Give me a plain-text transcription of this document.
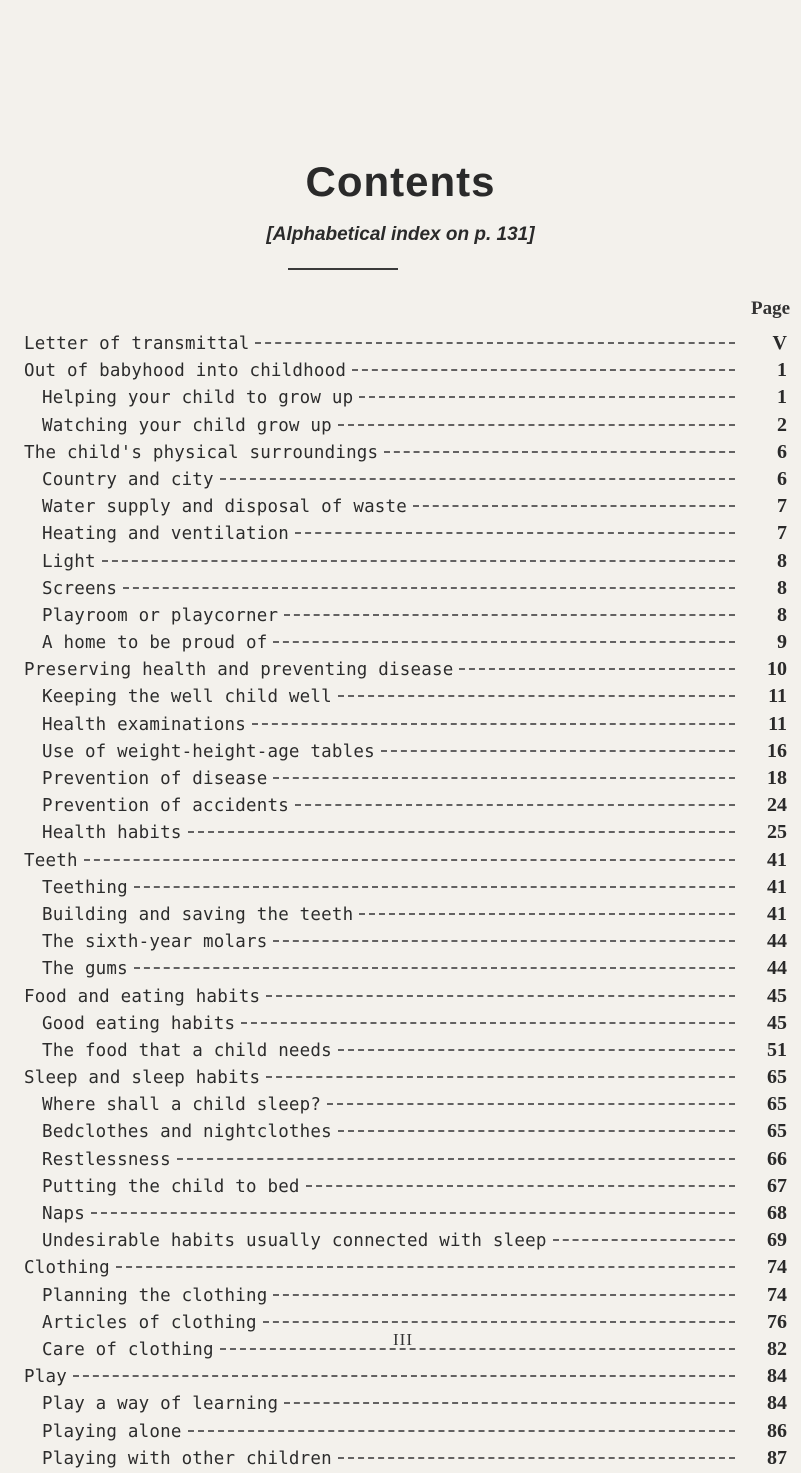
Contents
[Alphabetical index on p. 131]
Page
Letter of transmittal	V
Out of babyhood into childhood	1
Helping your child to grow up	1
Watching your child grow up	2
The child's physical surroundings	6
Country and city	6
Water supply and disposal of waste	7
Heating and ventilation	7
Light	8
Screens	8
Playroom or playcorner	8
A home to be proud of	9
Preserving health and preventing disease	10
Keeping the well child well	11
Health examinations	11
Use of weight-height-age tables	16
Prevention of disease	18
Prevention of accidents	24
Health habits	25
Teeth	41
Teething	41
Building and saving the teeth	41
The sixth-year molars	44
The gums	44
Food and eating habits	45
Good eating habits	45
The food that a child needs	51
Sleep and sleep habits	65
Where shall a child sleep?	65
Bedclothes and nightclothes	65
Restlessness	66
Putting the child to bed	67
Naps	68
Undesirable habits usually connected with sleep	69
Clothing	74
Planning the clothing	74
Articles of clothing	76
Care of clothing	82
Play	84
Play a way of learning	84
Playing alone	86
Playing with other children	87
III
